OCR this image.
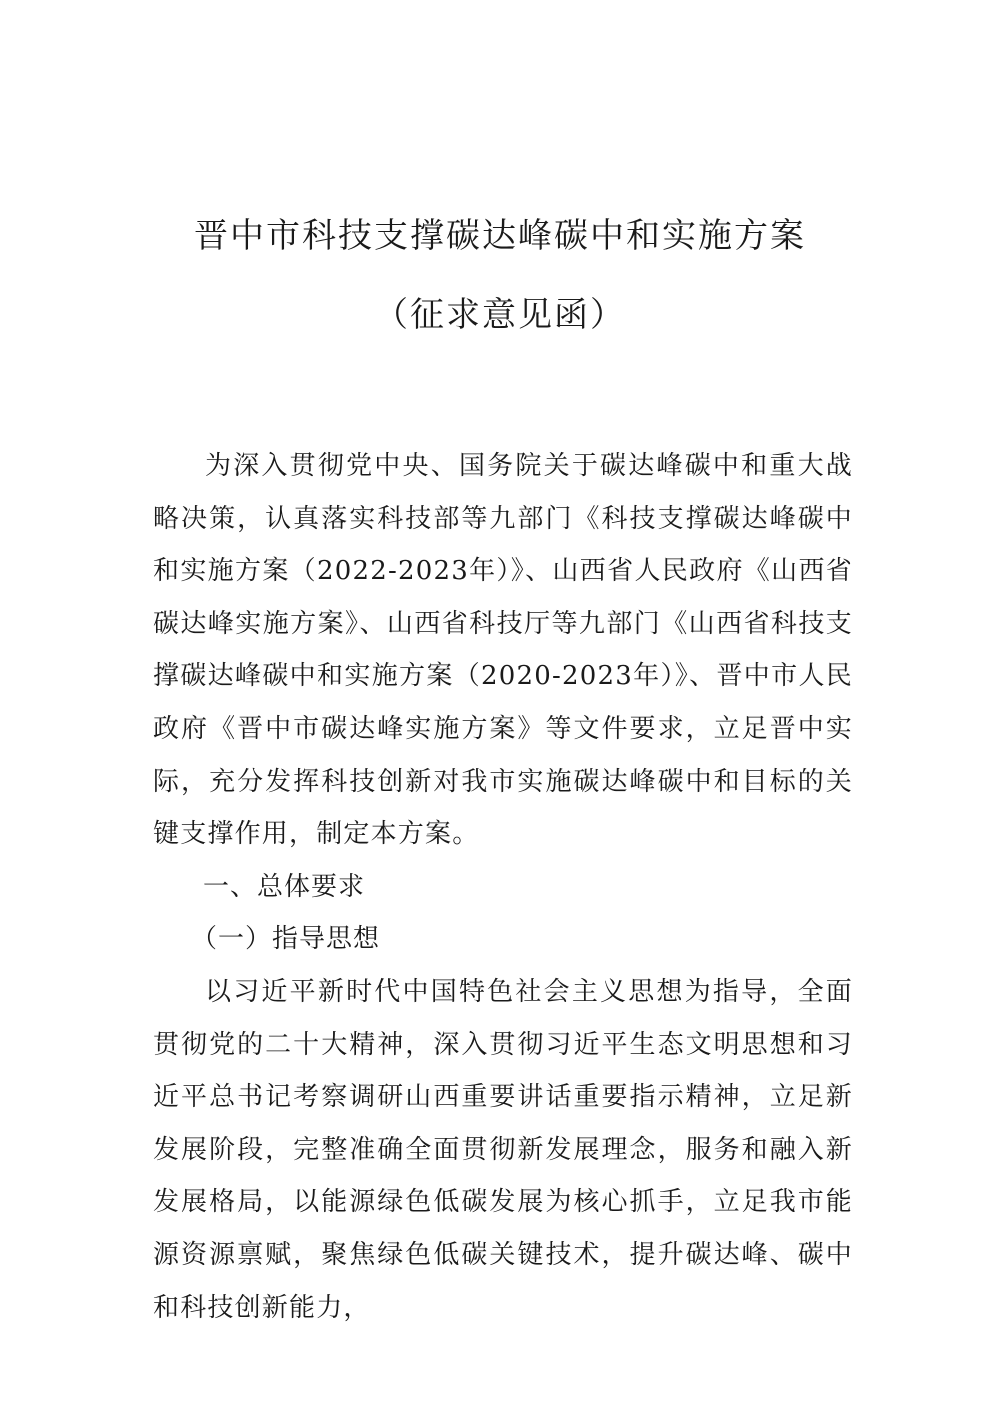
晋中市科技支撑碳达峰碳中和实施方案
（征求意见函）

为深入贯彻党中央、国务院关于碳达峰碳中和重大战略决策，认真落实科技部等九部门《科技支撑碳达峰碳中和实施方案（2022-2023年）》、山西省人民政府《山西省碳达峰实施方案》、山西省科技厅等九部门《山西省科技支撑碳达峰碳中和实施方案（2020-2023年）》、晋中市人民政府《晋中市碳达峰实施方案》等文件要求，立足晋中实际，充分发挥科技创新对我市实施碳达峰碳中和目标的关键支撑作用，制定本方案。

一、总体要求

（一）指导思想

以习近平新时代中国特色社会主义思想为指导，全面贯彻党的二十大精神，深入贯彻习近平生态文明思想和习近平总书记考察调研山西重要讲话重要指示精神，立足新发展阶段，完整准确全面贯彻新发展理念，服务和融入新发展格局，以能源绿色低碳发展为核心抓手，立足我市能源资源禀赋，聚焦绿色低碳关键技术，提升碳达峰、碳中和科技创新能力，
